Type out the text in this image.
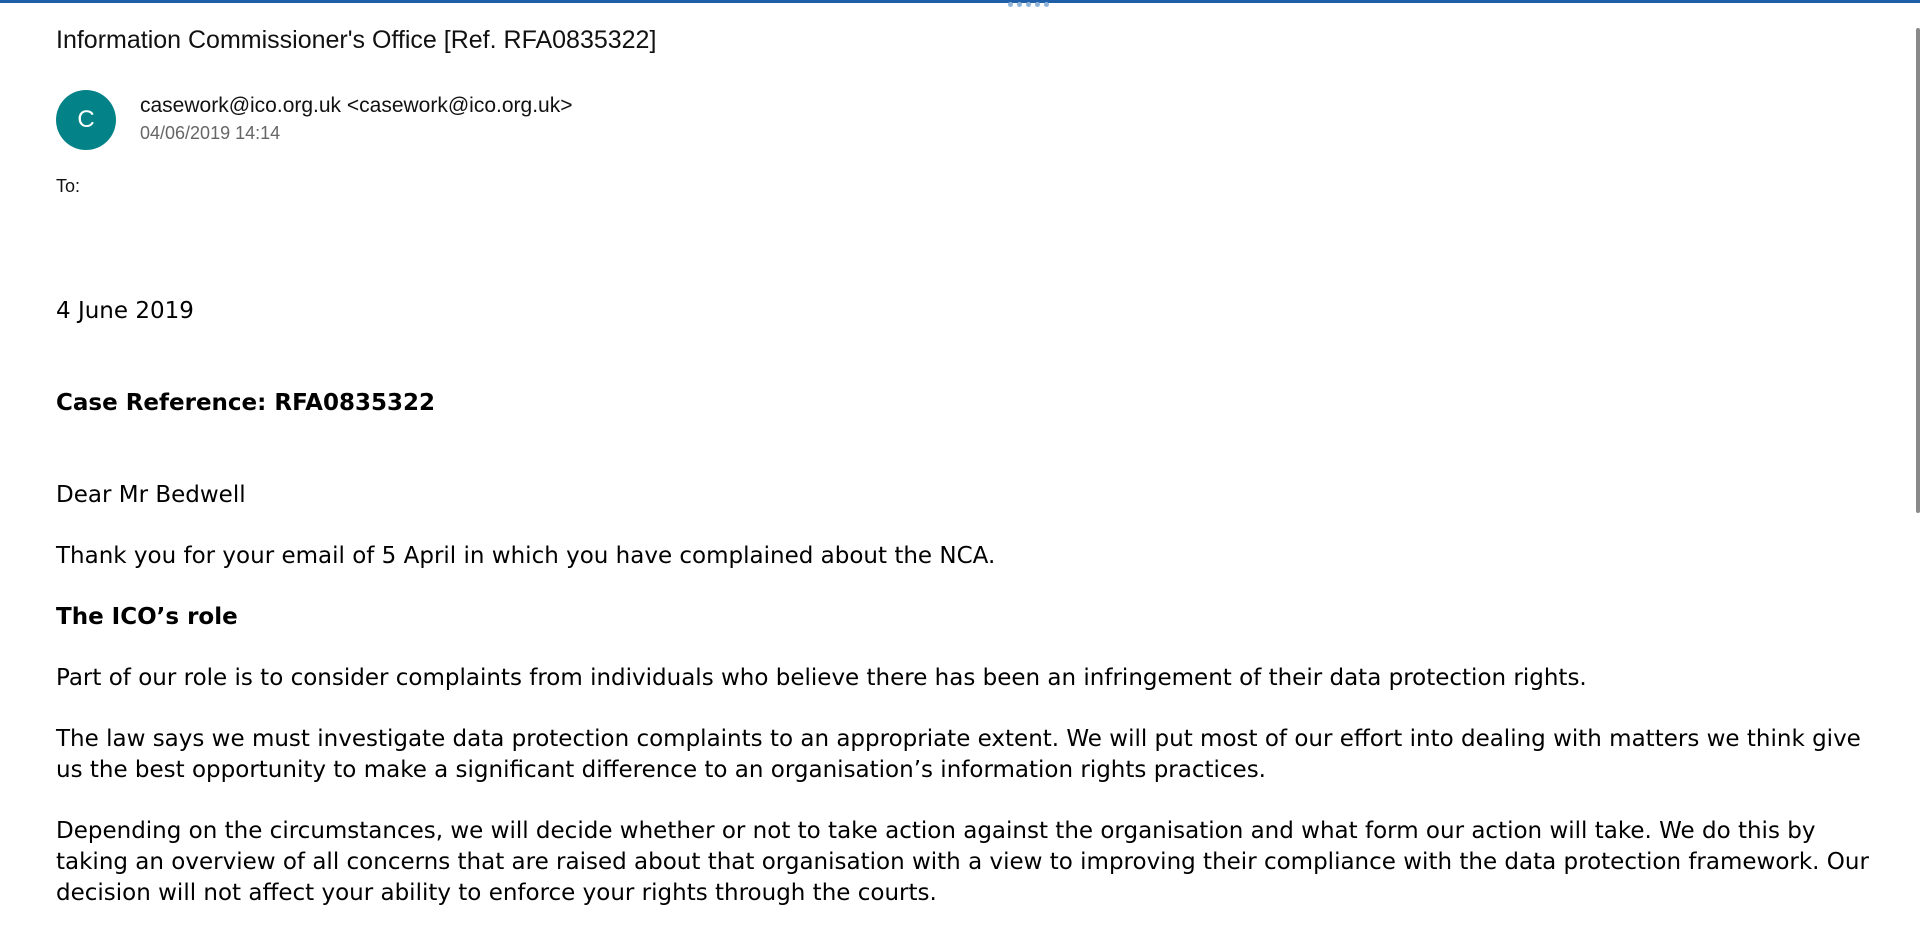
Information Commissioner's Office [Ref. RFA0835322]
C
casework@ico.org.uk <casework@ico.org.uk>
04/06/2019 14:14
To:

4 June 2019

Case Reference: RFA0835322

Dear Mr Bedwell

Thank you for your email of 5 April in which you have complained about the NCA.

The ICO’s role

Part of our role is to consider complaints from individuals who believe there has been an infringement of their data protection rights.

The law says we must investigate data protection complaints to an appropriate extent. We will put most of our effort into dealing with matters we think give us the best opportunity to make a significant difference to an organisation’s information rights practices.

Depending on the circumstances, we will decide whether or not to take action against the organisation and what form our action will take. We do this by taking an overview of all concerns that are raised about that organisation with a view to improving their compliance with the data protection framework. Our decision will not affect your ability to enforce your rights through the courts.
